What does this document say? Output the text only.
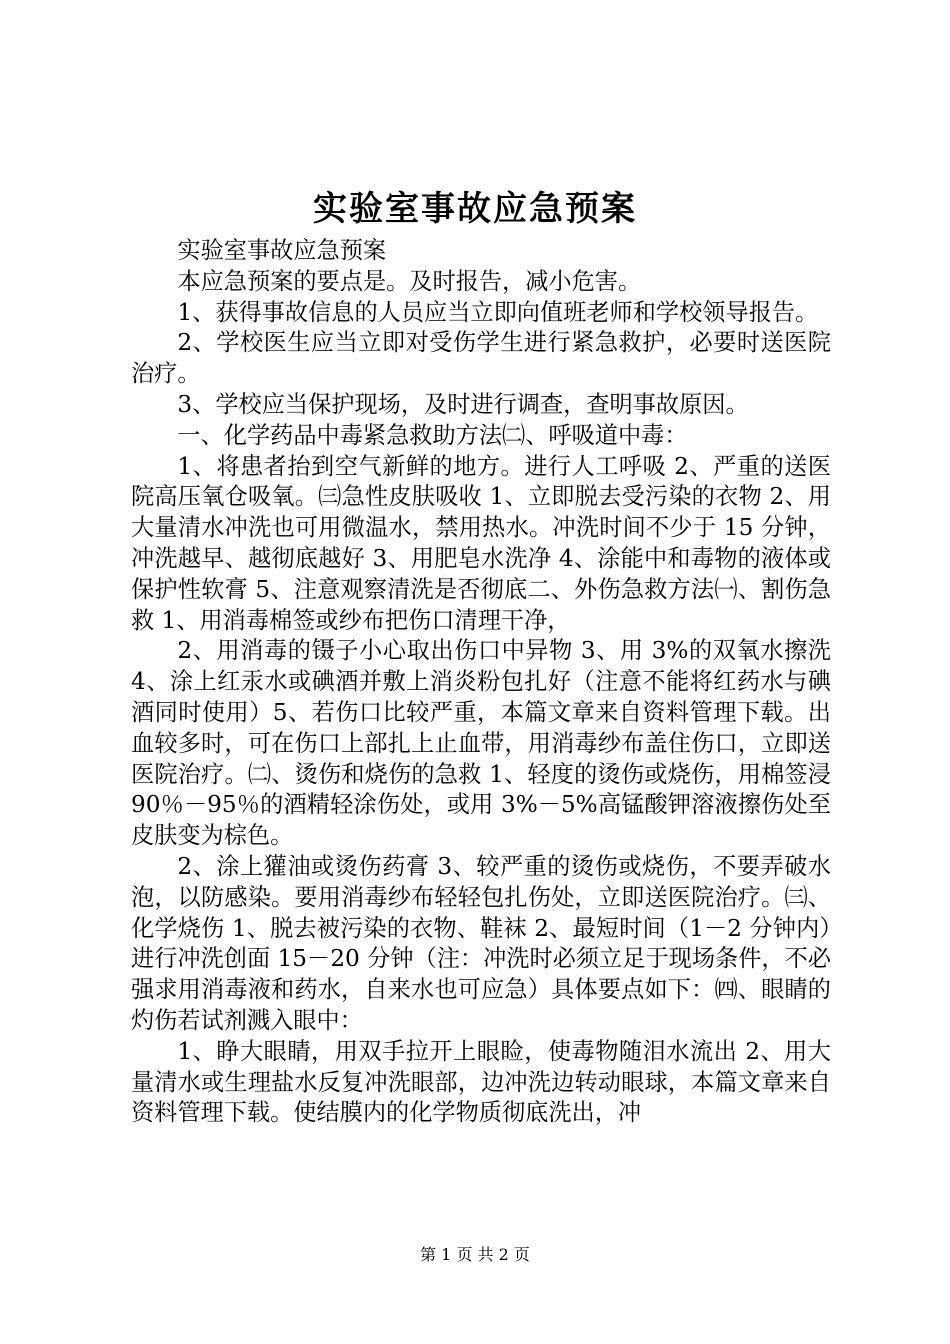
实验室事故应急预案

实验室事故应急预案

本应急预案的要点是。及时报告，减小危害。

1、获得事故信息的人员应当立即向值班老师和学校领导报告。

2、学校医生应当立即对受伤学生进行紧急救护，必要时送医院治疗。

3、学校应当保护现场，及时进行调查，查明事故原因。

一、化学药品中毒紧急救助方法㈡、呼吸道中毒：

1、将患者抬到空气新鲜的地方。进行人工呼吸 2、严重的送医院高压氧仓吸氧。㈢急性皮肤吸收 1、立即脱去受污染的衣物 2、用大量清水冲洗也可用微温水，禁用热水。冲洗时间不少于 15 分钟，冲洗越早、越彻底越好 3、用肥皂水洗净 4、涂能中和毒物的液体或保护性软膏 5、注意观察清洗是否彻底二、外伤急救方法㈠、割伤急救 1、用消毒棉签或纱布把伤口清理干净，

2、用消毒的镊子小心取出伤口中异物 3、用 3%的双氧水擦洗 4、涂上红汞水或碘酒并敷上消炎粉包扎好（注意不能将红药水与碘酒同时使用）5、若伤口比较严重，本篇文章来自资料管理下载。出血较多时，可在伤口上部扎上止血带，用消毒纱布盖住伤口，立即送医院治疗。㈡、烫伤和烧伤的急救 1、轻度的烫伤或烧伤，用棉签浸 90％－95％的酒精轻涂伤处，或用 3%－5%高锰酸钾溶液擦伤处至皮肤变为棕色。

2、涂上獾油或烫伤药膏 3、较严重的烫伤或烧伤，不要弄破水泡，以防感染。要用消毒纱布轻轻包扎伤处，立即送医院治疗。㈢、化学烧伤 1、脱去被污染的衣物、鞋袜 2、最短时间（1－2 分钟内）进行冲洗创面 15－20 分钟（注：冲洗时必须立足于现场条件，不必强求用消毒液和药水，自来水也可应急）具体要点如下：㈣、眼睛的灼伤若试剂溅入眼中：

1、睁大眼睛，用双手拉开上眼睑，使毒物随泪水流出 2、用大量清水或生理盐水反复冲洗眼部，边冲洗边转动眼球，本篇文章来自资料管理下载。使结膜内的化学物质彻底洗出，冲

第 1 页 共 2 页
